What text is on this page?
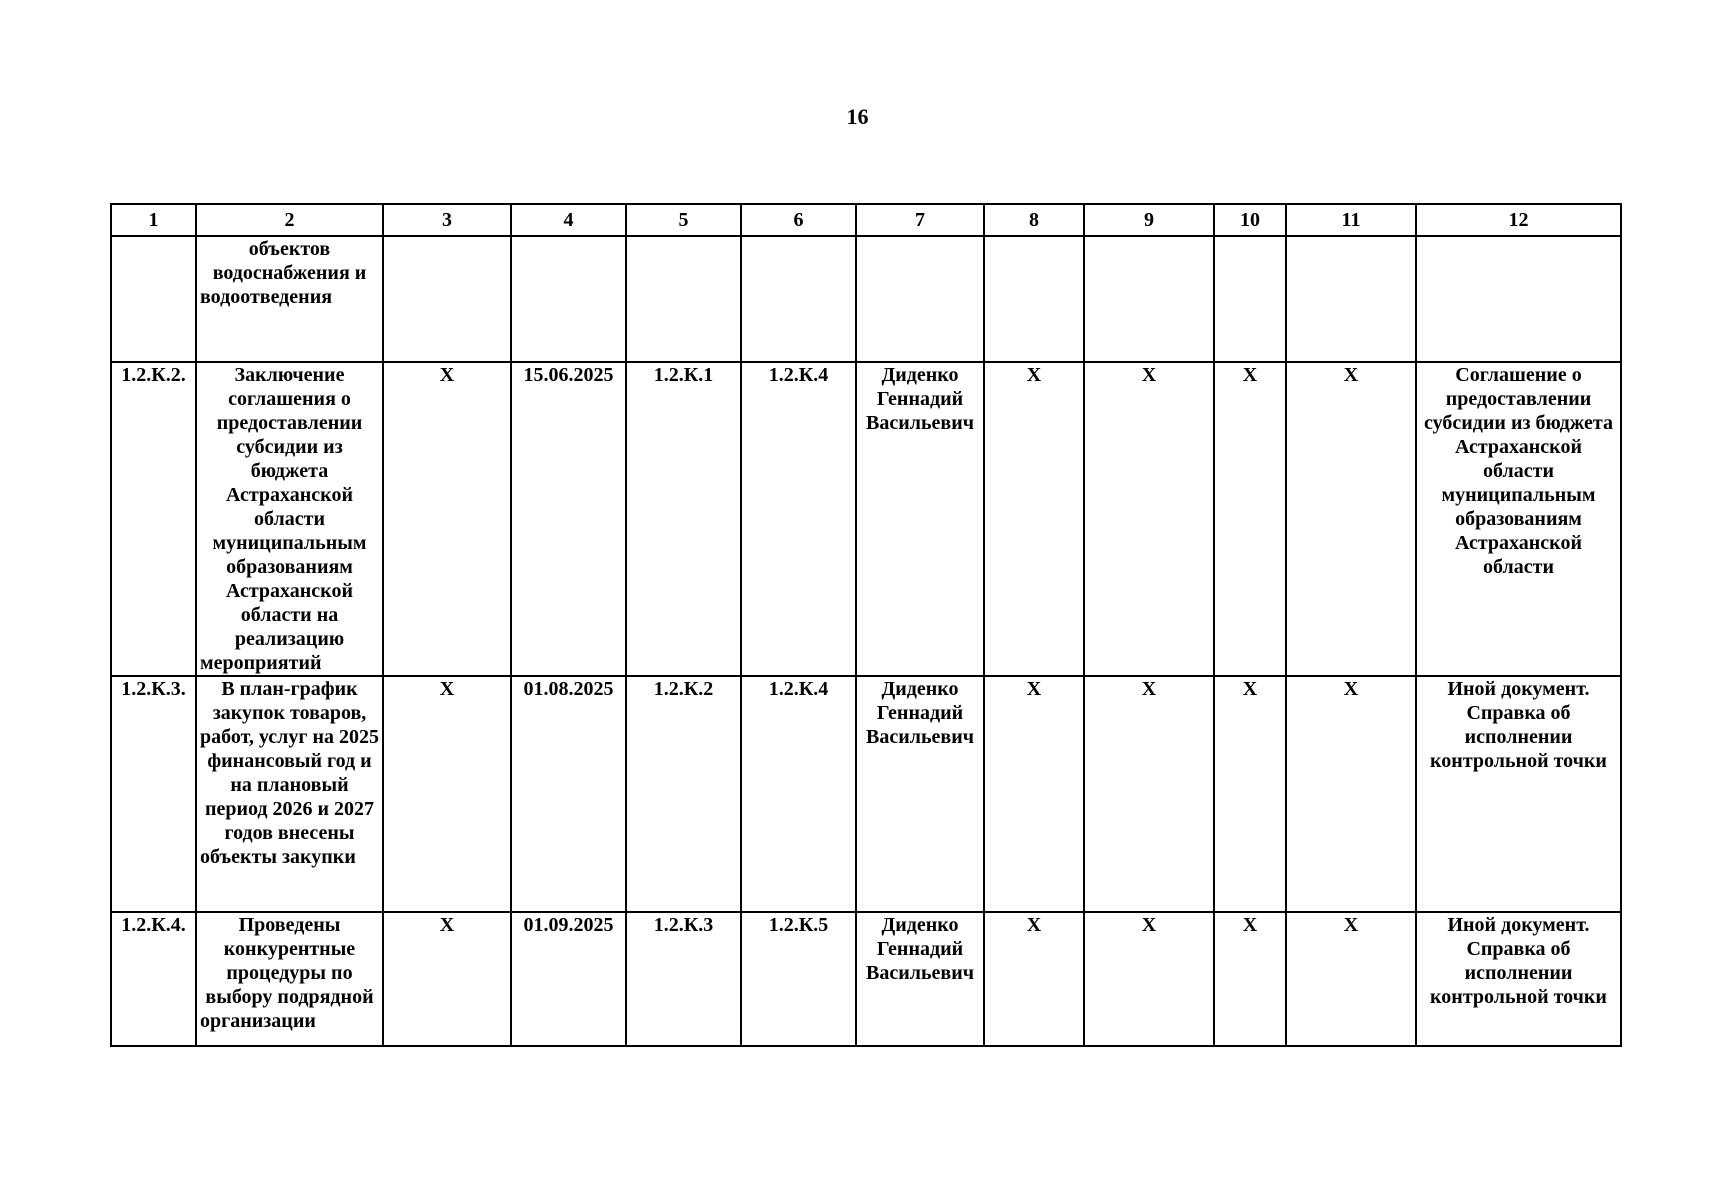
16
1	2	3	4	5	6	7	8	9	10	11	12
	объектов водоснабжения и водоотведения										
1.2.К.2.	Заключение соглашения о предоставлении субсидии из бюджета Астраханской области муниципальным образованиям Астраханской области на реализацию мероприятий	X	15.06.2025	1.2.К.1	1.2.К.4	Диденко Геннадий Васильевич	X	X	X	X	Соглашение о предоставлении субсидии из бюджета Астраханской области муниципальным образованиям Астраханской области
1.2.К.3.	В план-график закупок товаров, работ, услуг на 2025 финансовый год и на плановый период 2026 и 2027 годов внесены объекты закупки	X	01.08.2025	1.2.К.2	1.2.К.4	Диденко Геннадий Васильевич	X	X	X	X	Иной документ. Справка об исполнении контрольной точки
1.2.К.4.	Проведены конкурентные процедуры по выбору подрядной организации	X	01.09.2025	1.2.К.3	1.2.К.5	Диденко Геннадий Васильевич	X	X	X	X	Иной документ. Справка об исполнении контрольной точки
